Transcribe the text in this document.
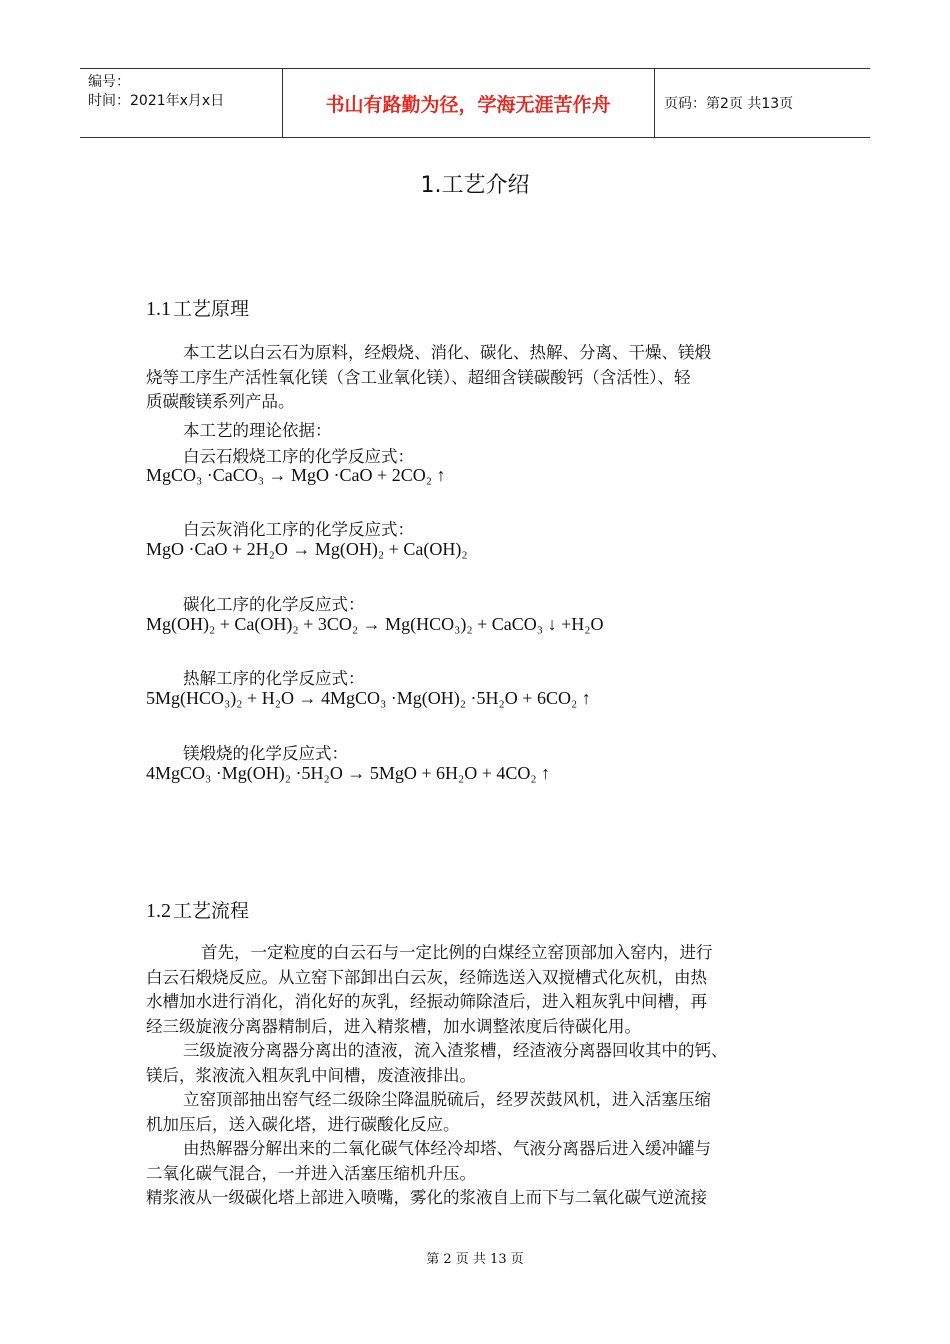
编号：
时间：2021年x月x日	书山有路勤为径，学海无涯苦作舟	页码：第2页 共13页
1.工艺介绍
1.1 工艺原理
本工艺以白云石为原料，经煅烧、消化、碳化、热解、分离、干燥、镁煅
烧等工序生产活性氧化镁（含工业氧化镁）、超细含镁碳酸钙（含活性）、轻
质碳酸镁系列产品。
本工艺的理论依据：
白云石煅烧工序的化学反应式：
MgCO₃ ·CaCO₃ → MgO ·CaO + 2CO₂ ↑
白云灰消化工序的化学反应式：
MgO ·CaO + 2H₂O → Mg(OH)₂ + Ca(OH)₂
碳化工序的化学反应式：
Mg(OH)₂ + Ca(OH)₂ + 3CO₂ → Mg(HCO₃)₂ + CaCO₃ ↓ +H₂O
热解工序的化学反应式：
5Mg(HCO₃)₂ + H₂O → 4MgCO₃ ·Mg(OH)₂ ·5H₂O + 6CO₂ ↑
镁煅烧的化学反应式：
4MgCO₃ ·Mg(OH)₂ ·5H₂O → 5MgO + 6H₂O + 4CO₂ ↑
1.2 工艺流程
首先，一定粒度的白云石与一定比例的白煤经立窑顶部加入窑内，进行
白云石煅烧反应。从立窑下部卸出白云灰，经筛选送入双搅槽式化灰机，由热
水槽加水进行消化，消化好的灰乳，经振动筛除渣后，进入粗灰乳中间槽，再
经三级旋液分离器精制后，进入精浆槽，加水调整浓度后待碳化用。
三级旋液分离器分离出的渣液，流入渣浆槽，经渣液分离器回收其中的钙、
镁后，浆液流入粗灰乳中间槽，废渣液排出。
立窑顶部抽出窑气经二级除尘降温脱硫后，经罗茨鼓风机，进入活塞压缩
机加压后，送入碳化塔，进行碳酸化反应。
由热解器分解出来的二氧化碳气体经冷却塔、气液分离器后进入缓冲罐与
二氧化碳气混合，一并进入活塞压缩机升压。
精浆液从一级碳化塔上部进入喷嘴，雾化的浆液自上而下与二氧化碳气逆流接
第 2 页 共 13 页
